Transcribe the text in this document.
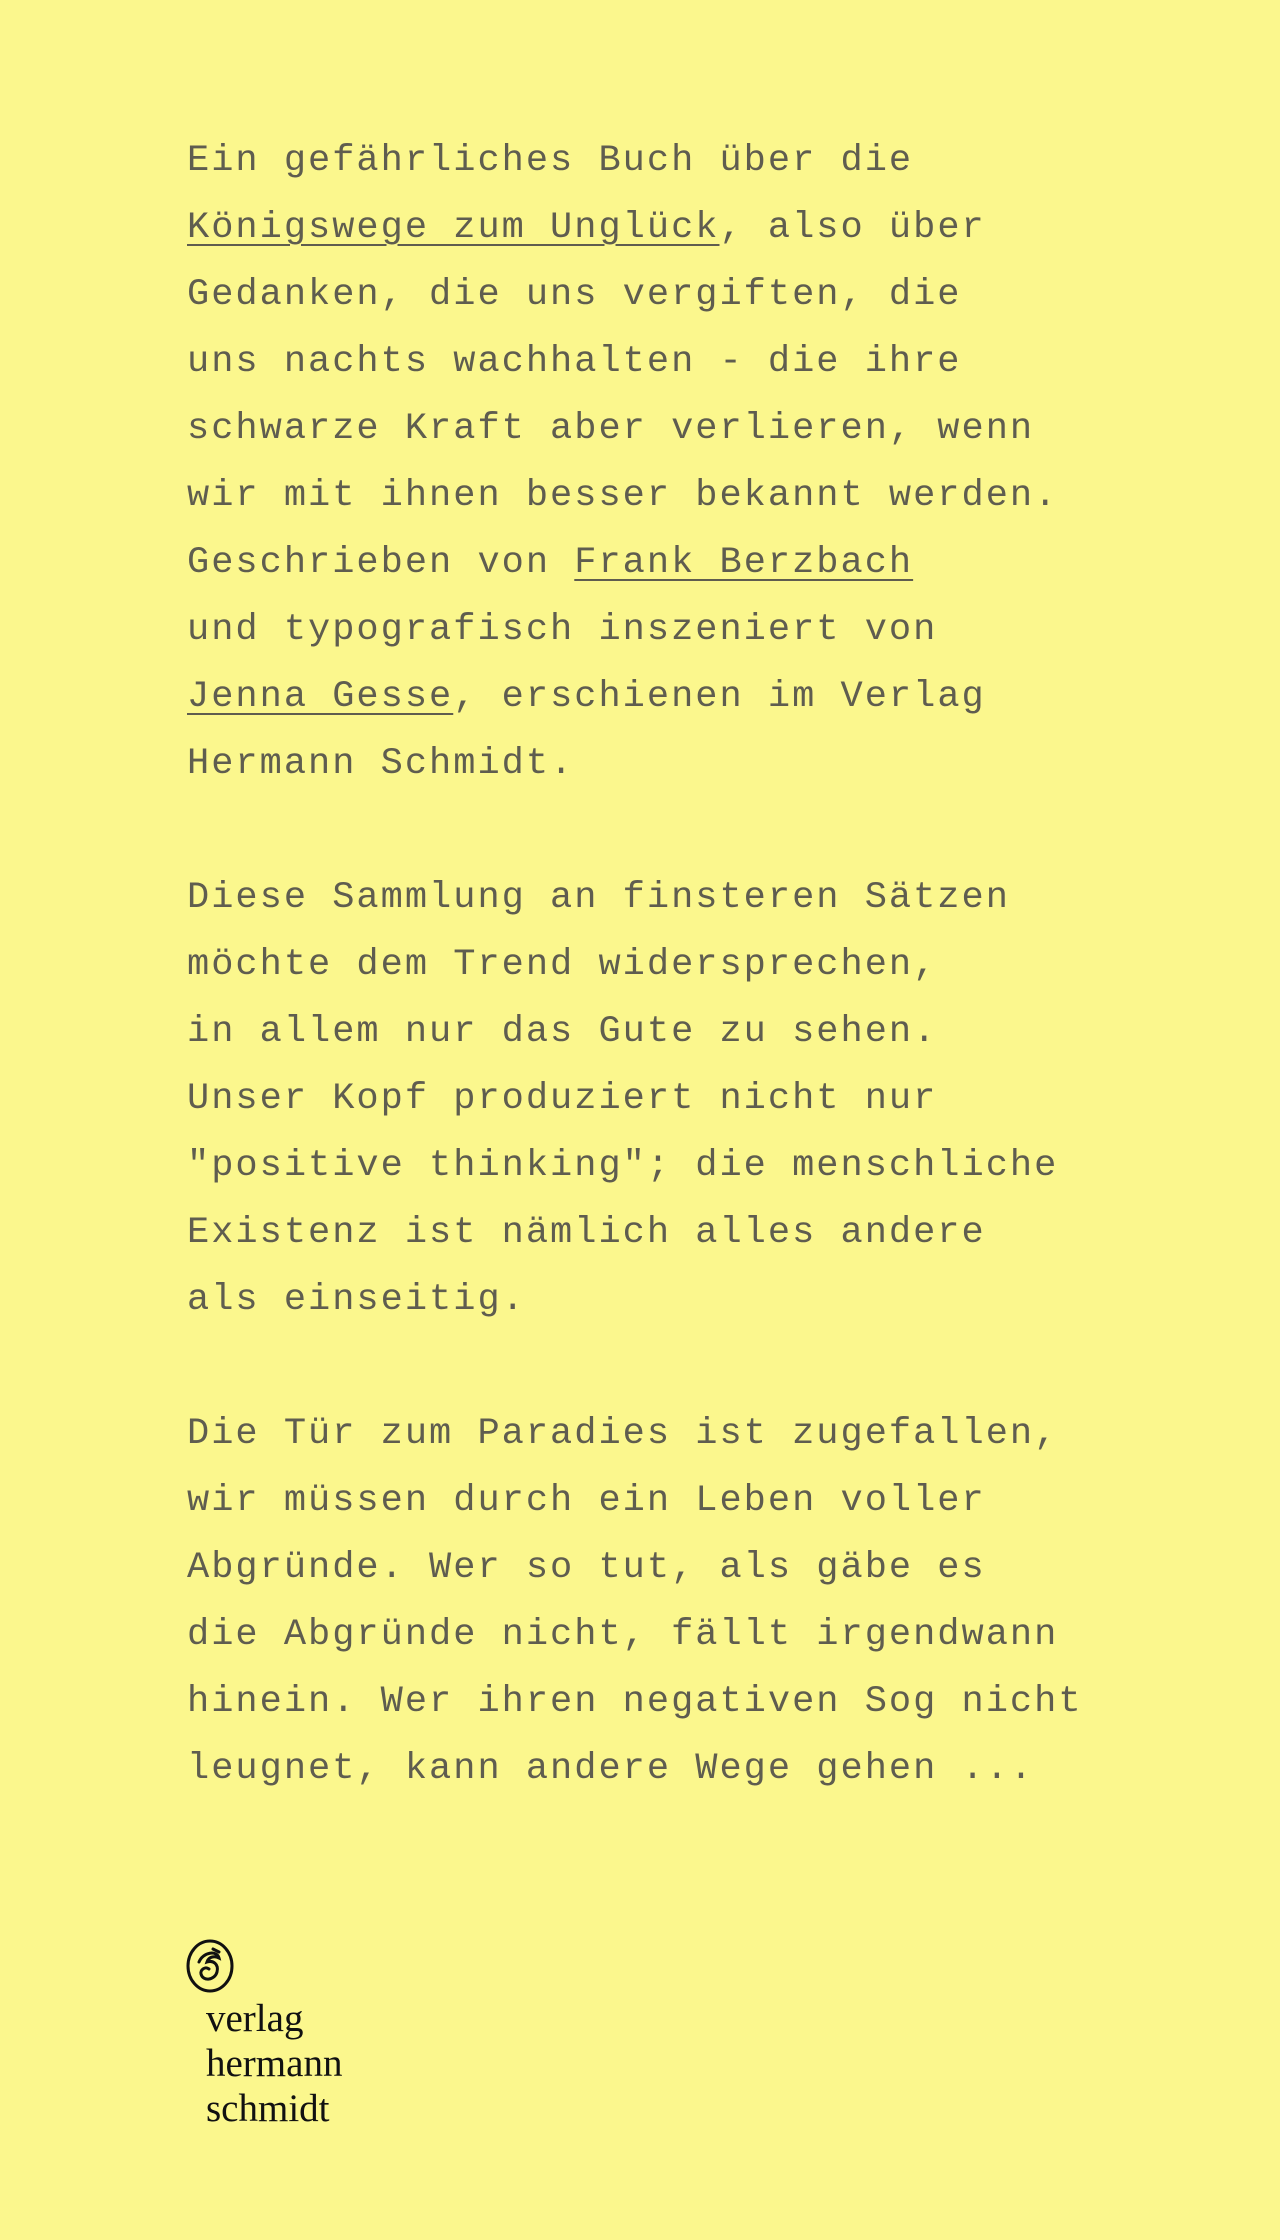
Ein gefährliches Buch über die
Königswege zum Unglück, also über
Gedanken, die uns vergiften, die
uns nachts wachhalten - die ihre
schwarze Kraft aber verlieren, wenn
wir mit ihnen besser bekannt werden.
Geschrieben von Frank Berzbach
und typografisch inszeniert von
Jenna Gesse, erschienen im Verlag
Hermann Schmidt.
Diese Sammlung an finsteren Sätzen
möchte dem Trend widersprechen,
in allem nur das Gute zu sehen.
Unser Kopf produziert nicht nur
"positive thinking"; die menschliche
Existenz ist nämlich alles andere
als einseitig.
Die Tür zum Paradies ist zugefallen,
wir müssen durch ein Leben voller
Abgründe. Wer so tut, als gäbe es
die Abgründe nicht, fällt irgendwann
hinein. Wer ihren negativen Sog nicht
leugnet, kann andere Wege gehen ...
verlag
hermann
schmidt
